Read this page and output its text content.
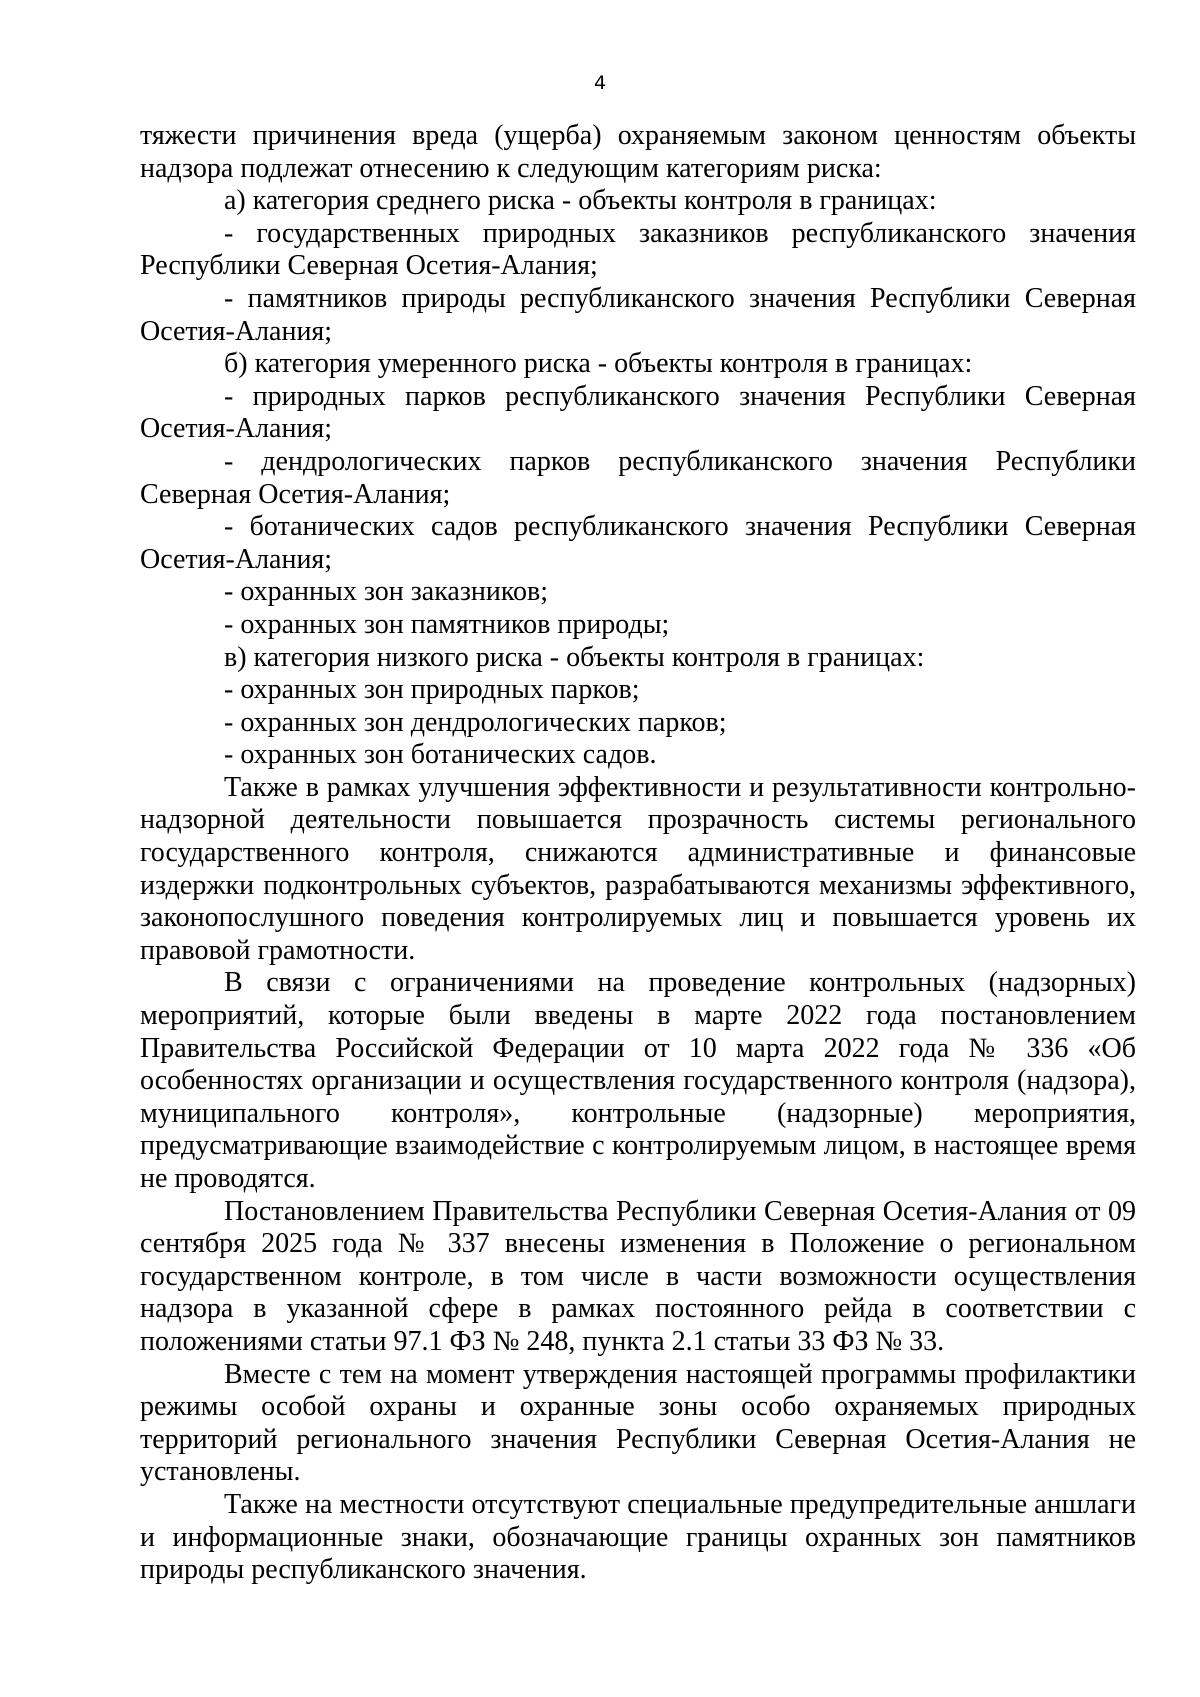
4

тяжести причинения вреда (ущерба) охраняемым законом ценностям объекты надзора подлежат отнесению к следующим категориям риска:

а) категория среднего риска - объекты контроля в границах:

- государственных природных заказников республиканского значения Республики Северная Осетия-Алания;

- памятников природы республиканского значения Республики Северная Осетия-Алания;

б) категория умеренного риска - объекты контроля в границах:

- природных парков республиканского значения Республики Северная Осетия-Алания;

- дендрологических парков республиканского значения Республики Северная Осетия-Алания;

- ботанических садов республиканского значения Республики Северная Осетия-Алания;

- охранных зон заказников;

- охранных зон памятников природы;

в) категория низкого риска - объекты контроля в границах:

- охранных зон природных парков;

- охранных зон дендрологических парков;

- охранных зон ботанических садов.

Также в рамках улучшения эффективности и результативности контрольно-надзорной деятельности повышается прозрачность системы регионального государственного контроля, снижаются административные и финансовые издержки подконтрольных субъектов, разрабатываются механизмы эффективного, законопослушного поведения контролируемых лиц и повышается уровень их правовой грамотности.

В связи с ограничениями на проведение контрольных (надзорных) мероприятий, которые были введены в марте 2022 года постановлением Правительства Российской Федерации от 10 марта 2022 года № 336 «Об особенностях организации и осуществления государственного контроля (надзора), муниципального контроля», контрольные (надзорные) мероприятия, предусматривающие взаимодействие с контролируемым лицом, в настоящее время не проводятся.

Постановлением Правительства Республики Северная Осетия-Алания от 09 сентября 2025 года № 337 внесены изменения в Положение о региональном государственном контроле, в том числе в части возможности осуществления надзора в указанной сфере в рамках постоянного рейда в соответствии с положениями статьи 97.1 ФЗ № 248, пункта 2.1 статьи 33 ФЗ № 33.

Вместе с тем на момент утверждения настоящей программы профилактики режимы особой охраны и охранные зоны особо охраняемых природных территорий регионального значения Республики Северная Осетия-Алания не установлены.

Также на местности отсутствуют специальные предупредительные аншлаги и информационные знаки, обозначающие границы охранных зон памятников природы республиканского значения.
